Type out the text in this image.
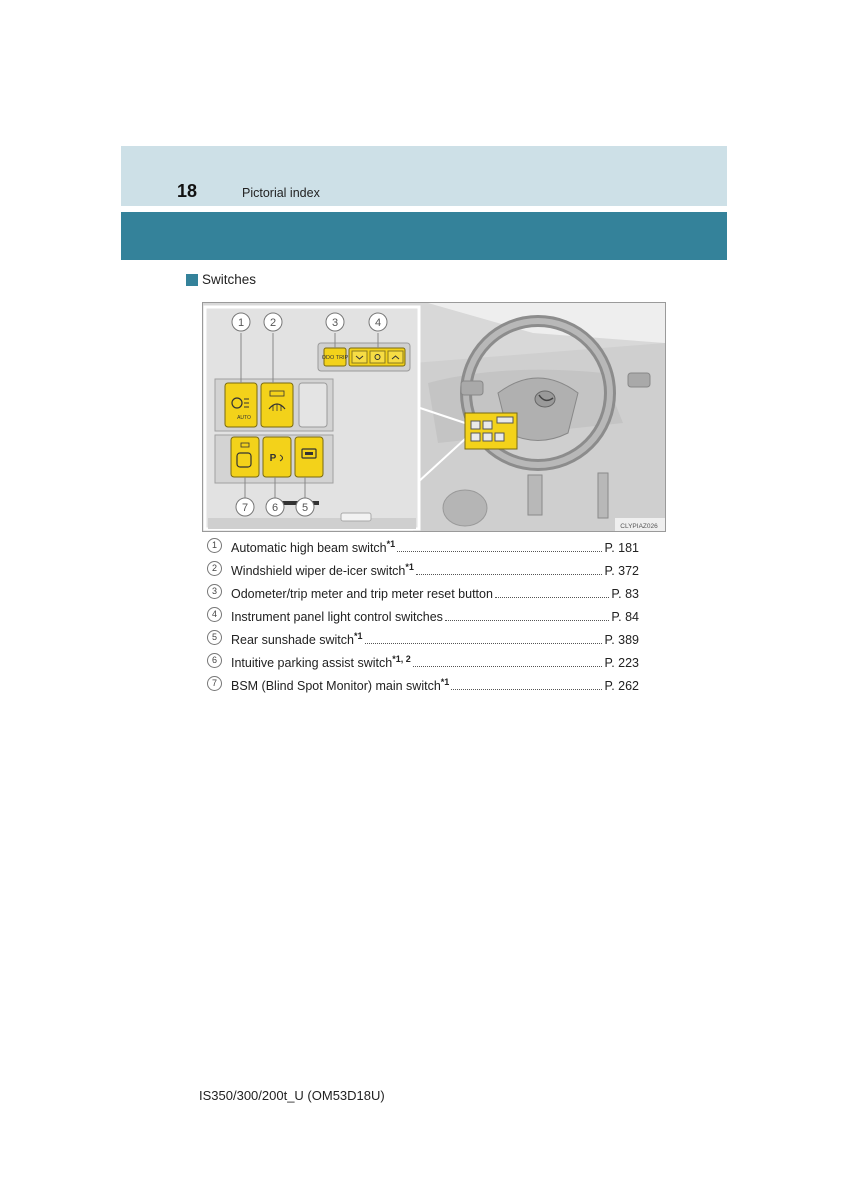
18	Pictorial index
Switches
ODO TRIP
AUTO
P
1 2	3	4
5
6
7
CLYPIAZ026
1	Automatic high beam switch$^{*1}$	P. 181
2	Windshield wiper de-icer switch$^{*1}$	P. 372
3	Odometer/trip meter and trip meter reset button	P. 83
4	Instrument panel light control switches	P. 84
5	Rear sunshade switch$^{*1}$	P. 389
6	Intuitive parking assist switch$^{*1, 2}$	P. 223
7	BSM (Blind Spot Monitor) main switch$^{*1}$	P. 262
IS350/300/200t_U (OM53D18U)
